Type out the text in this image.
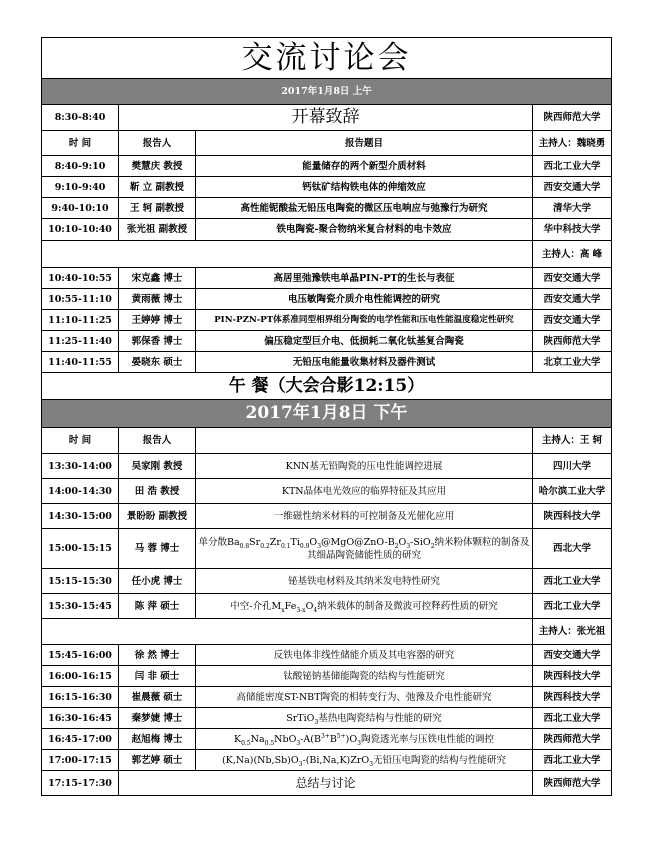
交流讨论会			
2017年1月8日 上午			
8:30-8:40	开幕致辞		陕西师范大学
时 间	报告人	报告题目	主持人：魏晓勇
8:40-9:10	樊慧庆 教授	能量储存的两个新型介质材料	西北工业大学
9:10-9:40	靳 立 副教授	钙钛矿结构铁电体的伸缩效应	西安交通大学
9:40-10:10	王 轲 副教授	高性能铌酸盐无铅压电陶瓷的微区压电响应与弛豫行为研究	清华大学
10:10-10:40	张光祖 副教授	铁电陶瓷-聚合物纳米复合材料的电卡效应	华中科技大学
			主持人：高 峰
10:40-10:55	宋克鑫 博士	高居里弛豫铁电单晶PIN-PT的生长与表征	西安交通大学
10:55-11:10	黄雨薇 博士	电压敏陶瓷介质介电性能调控的研究	西安交通大学
11:10-11:25	王婷婷 博士	PIN-PZN-PT体系准同型相界组分陶瓷的电学性能和压电性能温度稳定性研究	西安交通大学
11:25-11:40	郭保香 博士	偏压稳定型巨介电、低损耗二氧化钛基复合陶瓷	陕西师范大学
11:40-11:55	晏晓东 硕士	无铅压电能量收集材料及器件测试	北京工业大学
午 餐（大会合影12:15）			
2017年1月8日 下午			
时 间	报告人		主持人：王 轲
13:30-14:00	吴家刚 教授	KNN基无铅陶瓷的压电性能调控进展	四川大学
14:00-14:30	田 浩 教授	KTN晶体电光效应的临界特征及其应用	哈尔滨工业大学
14:30-15:00	景盼盼 副教授	一维磁性纳米材料的可控制备及光催化应用	陕西科技大学
15:00-15:15	马 蓉 博士	单分散$Ba_{0.8}Sr_{0.2}Zr_{0.1}Ti_{0.9}O_3@MgO@ZnO-B_2O_3-SiO_2$纳米粉体颗粒的制备及其细晶陶瓷储能性质的研究	西北大学
15:15-15:30	任小虎 博士	铋基铁电材料及其纳米发电特性研究	西北工业大学
15:30-15:45	陈 萍 硕士	中空-介孔$M_xFe_{3-x}O_4$纳米载体的制备及微波可控释药性质的研究	西北工业大学
			主持人：张光祖
15:45-16:00	徐 然 博士	反铁电体非线性储能介质及其电容器的研究	西安交通大学
16:00-16:15	闫 非 硕士	钛酸铋钠基储能陶瓷的结构与性能研究	陕西科技大学
16:15-16:30	崔晨薇 硕士	高储能密度ST-NBT陶瓷的相转变行为、弛豫及介电性能研究	陕西科技大学
16:30-16:45	秦梦婕 博士	SrTiO$_3$基热电陶瓷结构与性能的研究	西北工业大学
16:45-17:00	赵旭梅 博士	$K_{0.5}Na_{0.5}NbO_3-A(B^{3+}B^{5+})O_3$陶瓷透光率与压铁电性能的调控	陕西师范大学
17:00-17:15	郭艺婷 硕士	$(K,Na)(Nb,Sb)O_3-(Bi,Na,K)ZrO_3$无铅压电陶瓷的结构与性能研究	西北工业大学
17:15-17:30	总结与讨论		陕西师范大学
